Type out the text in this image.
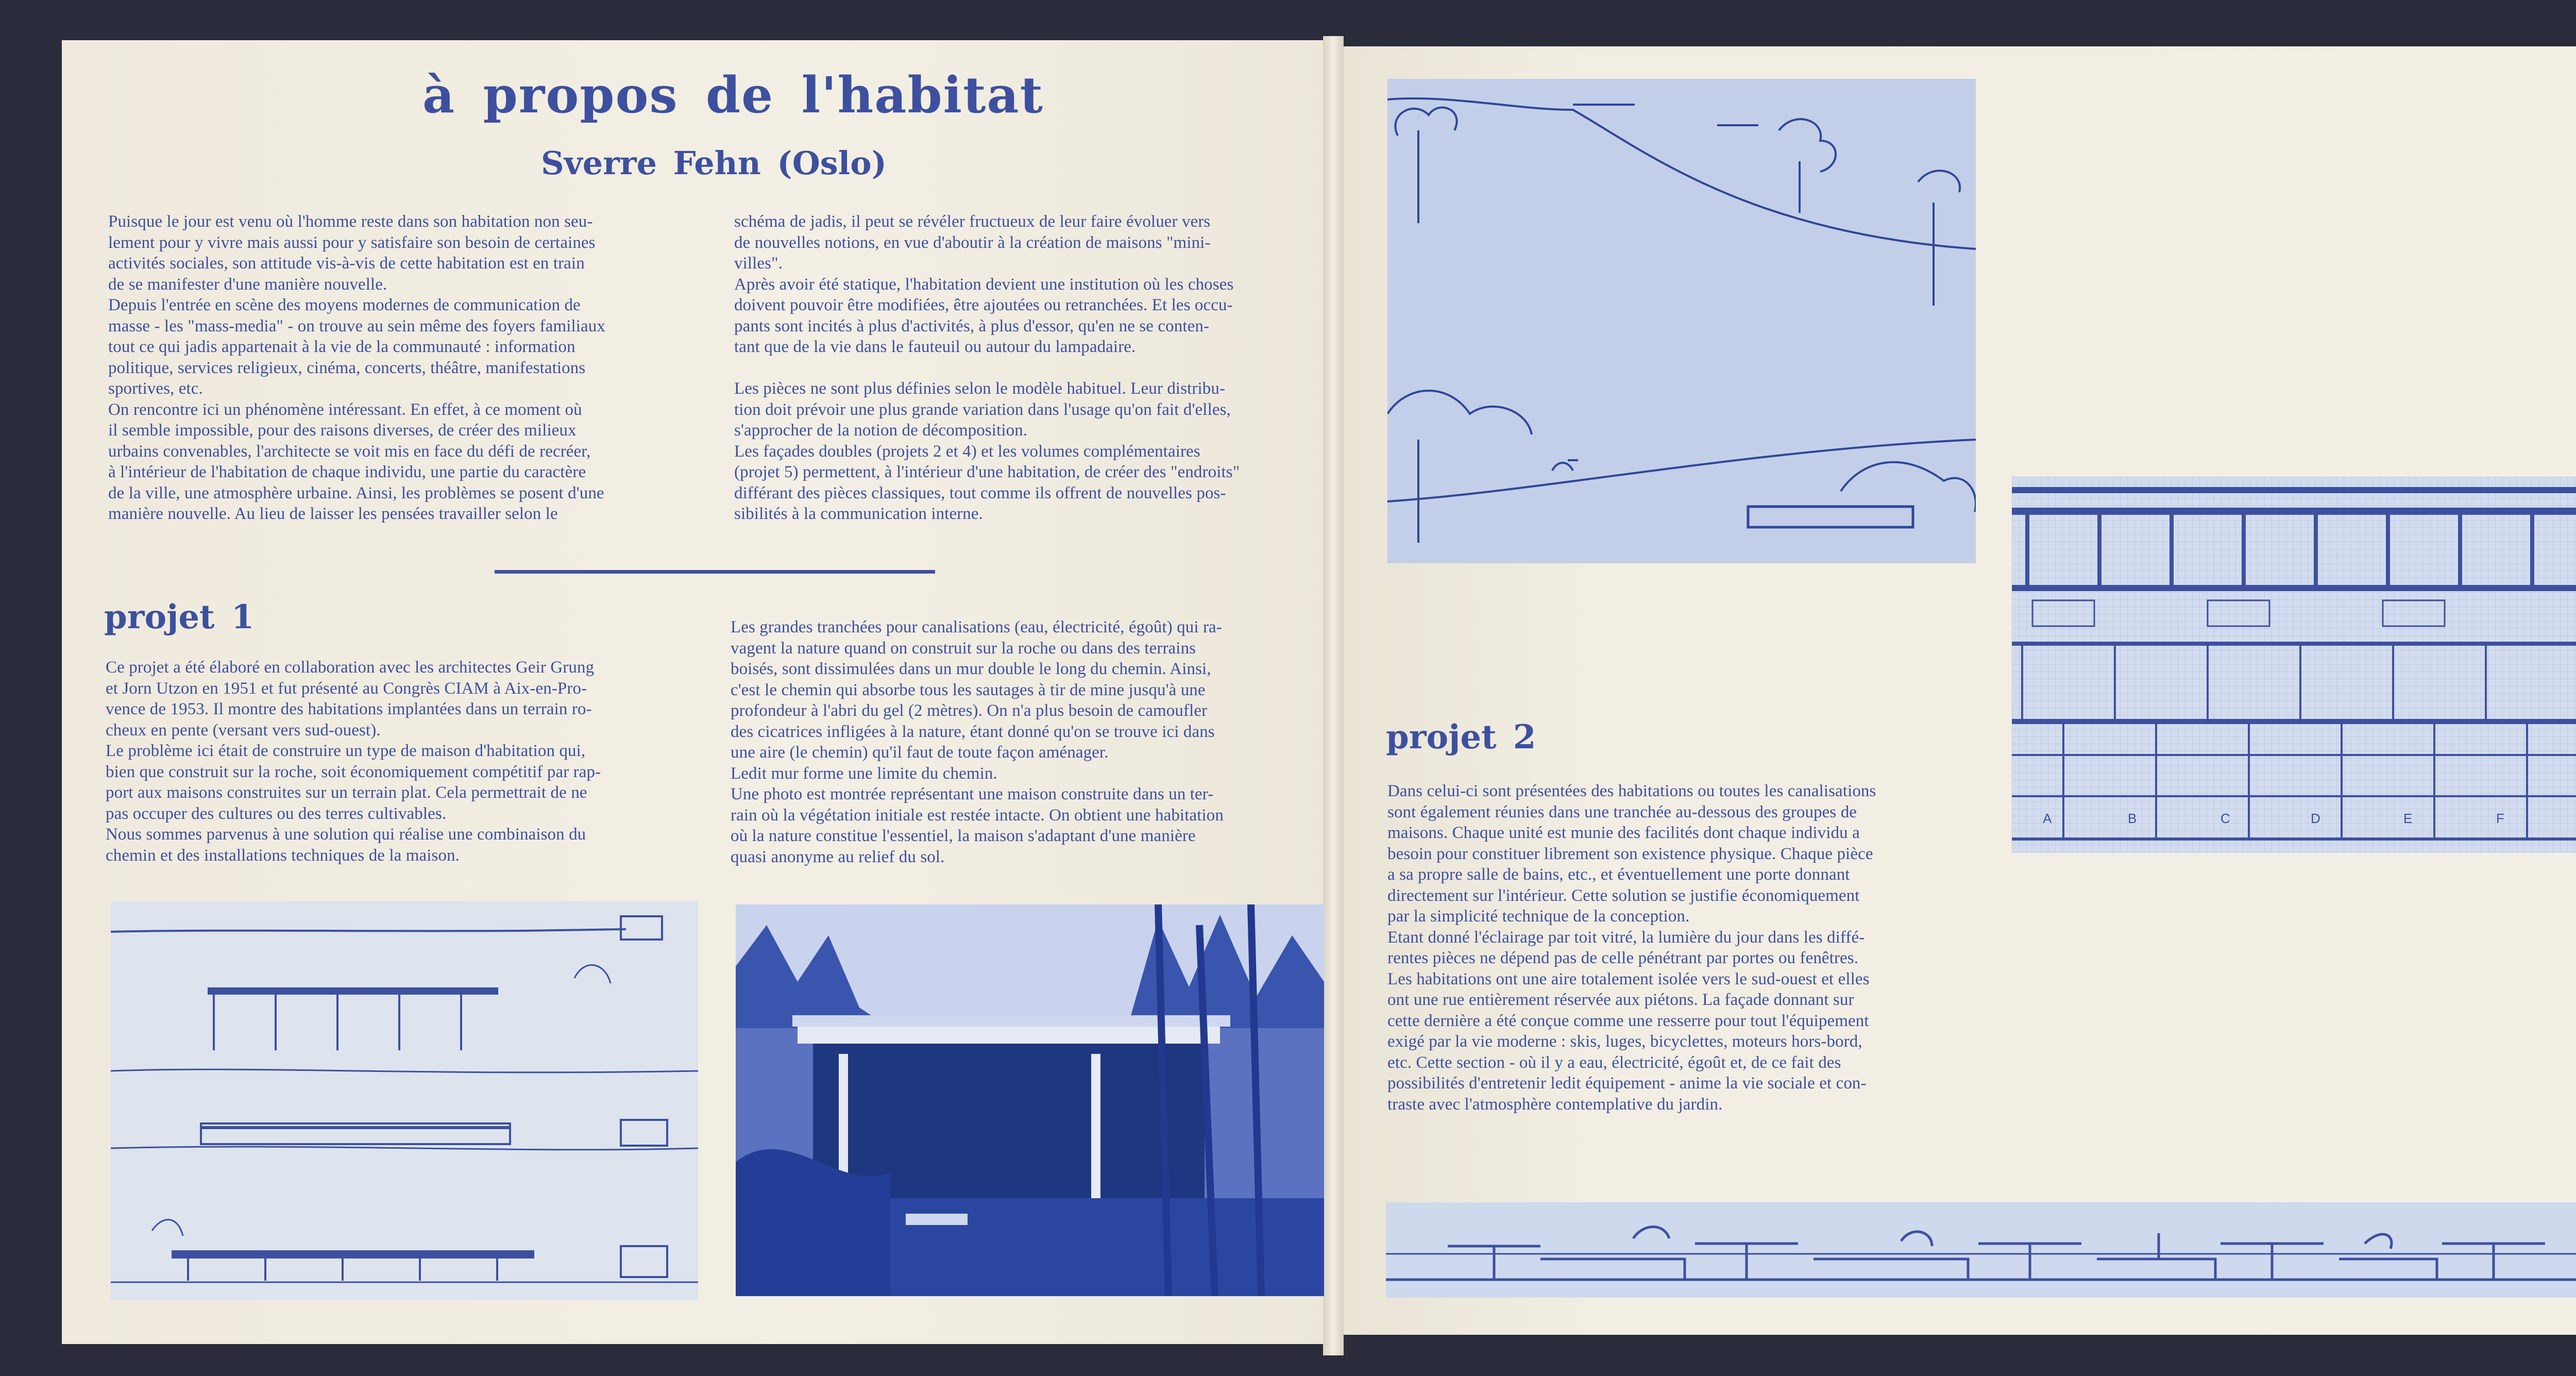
à propos de l'habitat
Sverre Fehn (Oslo)

Puisque le jour est venu où l'homme reste dans son habitation non seu-
lement pour y vivre mais aussi pour y satisfaire son besoin de certaines
activités sociales, son attitude vis-à-vis de cette habitation est en train
de se manifester d'une manière nouvelle.
Depuis l'entrée en scène des moyens modernes de communication de
masse - les "mass-media" - on trouve au sein même des foyers familiaux
tout ce qui jadis appartenait à la vie de la communauté : information
politique, services religieux, cinéma, concerts, théâtre, manifestations
sportives, etc.
On rencontre ici un phénomène intéressant. En effet, à ce moment où
il semble impossible, pour des raisons diverses, de créer des milieux
urbains convenables, l'architecte se voit mis en face du défi de recréer,
à l'intérieur de l'habitation de chaque individu, une partie du caractère
de la ville, une atmosphère urbaine. Ainsi, les problèmes se posent d'une
manière nouvelle. Au lieu de laisser les pensées travailler selon le

schéma de jadis, il peut se révéler fructueux de leur faire évoluer vers
de nouvelles notions, en vue d'aboutir à la création de maisons "mini-
villes".
Après avoir été statique, l'habitation devient une institution où les choses
doivent pouvoir être modifiées, être ajoutées ou retranchées. Et les occu-
pants sont incités à plus d'activités, à plus d'essor, qu'en ne se conten-
tant que de la vie dans le fauteuil ou autour du lampadaire.

Les pièces ne sont plus définies selon le modèle habituel. Leur distribu-
tion doit prévoir une plus grande variation dans l'usage qu'on fait d'elles,
s'approcher de la notion de décomposition.
Les façades doubles (projets 2 et 4) et les volumes complémentaires
(projet 5) permettent, à l'intérieur d'une habitation, de créer des "endroits"
différant des pièces classiques, tout comme ils offrent de nouvelles pos-
sibilités à la communication interne.

projet 1

Ce projet a été élaboré en collaboration avec les architectes Geir Grung
et Jorn Utzon en 1951 et fut présenté au Congrès CIAM à Aix-en-Pro-
vence de 1953. Il montre des habitations implantées dans un terrain ro-
cheux en pente (versant vers sud-ouest).
Le problème ici était de construire un type de maison d'habitation qui,
bien que construit sur la roche, soit économiquement compétitif par rap-
port aux maisons construites sur un terrain plat. Cela permettrait de ne
pas occuper des cultures ou des terres cultivables.
Nous sommes parvenus à une solution qui réalise une combinaison du
chemin et des installations techniques de la maison.

Les grandes tranchées pour canalisations (eau, électricité, égoût) qui ra-
vagent la nature quand on construit sur la roche ou dans des terrains
boisés, sont dissimulées dans un mur double le long du chemin. Ainsi,
c'est le chemin qui absorbe tous les sautages à tir de mine jusqu'à une
profondeur à l'abri du gel (2 mètres). On n'a plus besoin de camoufler
des cicatrices infligées à la nature, étant donné qu'on se trouve ici dans
une aire (le chemin) qu'il faut de toute façon aménager.
Ledit mur forme une limite du chemin.
Une photo est montrée représentant une maison construite dans un ter-
rain où la végétation initiale est restée intacte. On obtient une habitation
où la nature constitue l'essentiel, la maison s'adaptant d'une manière
quasi anonyme au relief du sol.

A	B	C	D	E	F
projet 2

Dans celui-ci sont présentées des habitations ou toutes les canalisations
sont également réunies dans une tranchée au-dessous des groupes de
maisons. Chaque unité est munie des facilités dont chaque individu a
besoin pour constituer librement son existence physique. Chaque pièce
a sa propre salle de bains, etc., et éventuellement une porte donnant
directement sur l'intérieur. Cette solution se justifie économiquement
par la simplicité technique de la conception.
Etant donné l'éclairage par toit vitré, la lumière du jour dans les diffé-
rentes pièces ne dépend pas de celle pénétrant par portes ou fenêtres.
Les habitations ont une aire totalement isolée vers le sud-ouest et elles
ont une rue entièrement réservée aux piétons. La façade donnant sur
cette dernière a été conçue comme une resserre pour tout l'équipement
exigé par la vie moderne : skis, luges, bicyclettes, moteurs hors-bord,
etc. Cette section - où il y a eau, électricité, égoût et, de ce fait des
possibilités d'entretenir ledit équipement - anime la vie sociale et con-
traste avec l'atmosphère contemplative du jardin.
